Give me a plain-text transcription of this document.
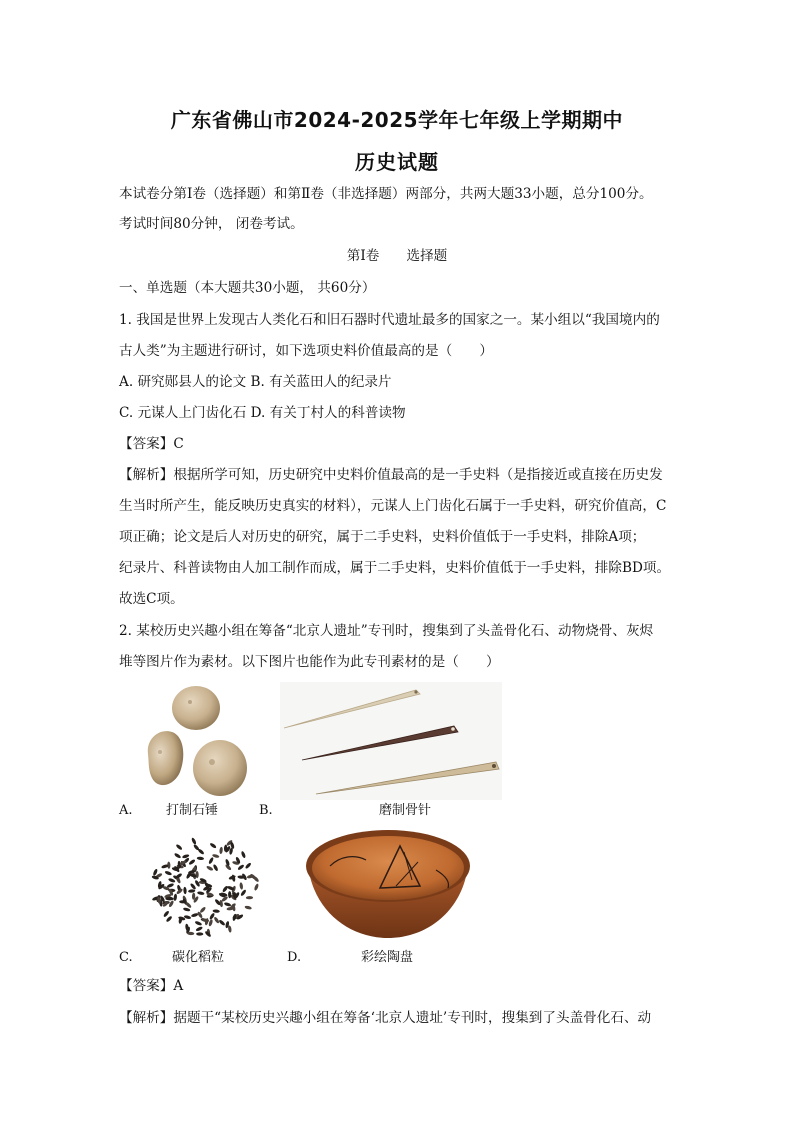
广东省佛山市2024-2025学年七年级上学期期中
历史试题
本试卷分第Ⅰ卷（选择题）和第Ⅱ卷（非选择题）两部分，共两大题33小题，总分100分。
考试时间80分钟， 闭卷考试。
第Ⅰ卷　　选择题
一、单选题（本大题共30小题， 共60分）
1. 我国是世界上发现古人类化石和旧石器时代遗址最多的国家之一。某小组以“我国境内的
古人类”为主题进行研讨，如下选项史料价值最高的是（　　）
A. 研究郧县人的论文 B. 有关蓝田人的纪录片
C. 元谋人上门齿化石 D. 有关丁村人的科普读物
【答案】C
【解析】根据所学可知，历史研究中史料价值最高的是一手史料（是指接近或直接在历史发
生当时所产生，能反映历史真实的材料），元谋人上门齿化石属于一手史料，研究价值高，C
项正确；论文是后人对历史的研究，属于二手史料，史料价值低于一手史料，排除A项；
纪录片、科普读物由人加工制作而成，属于二手史料，史料价值低于一手史料，排除BD项。
故选C项。
2. 某校历史兴趣小组在筹备“北京人遗址”专刊时，搜集到了头盖骨化石、动物烧骨、灰烬
堆等图片作为素材。以下图片也能作为此专刊素材的是（　　）
A.	打制石锤	B.	磨制骨针
C.	碳化稻粒	D.	彩绘陶盘
【答案】A
【解析】据题干“某校历史兴趣小组在筹备‘北京人遗址’专刊时，搜集到了头盖骨化石、动
